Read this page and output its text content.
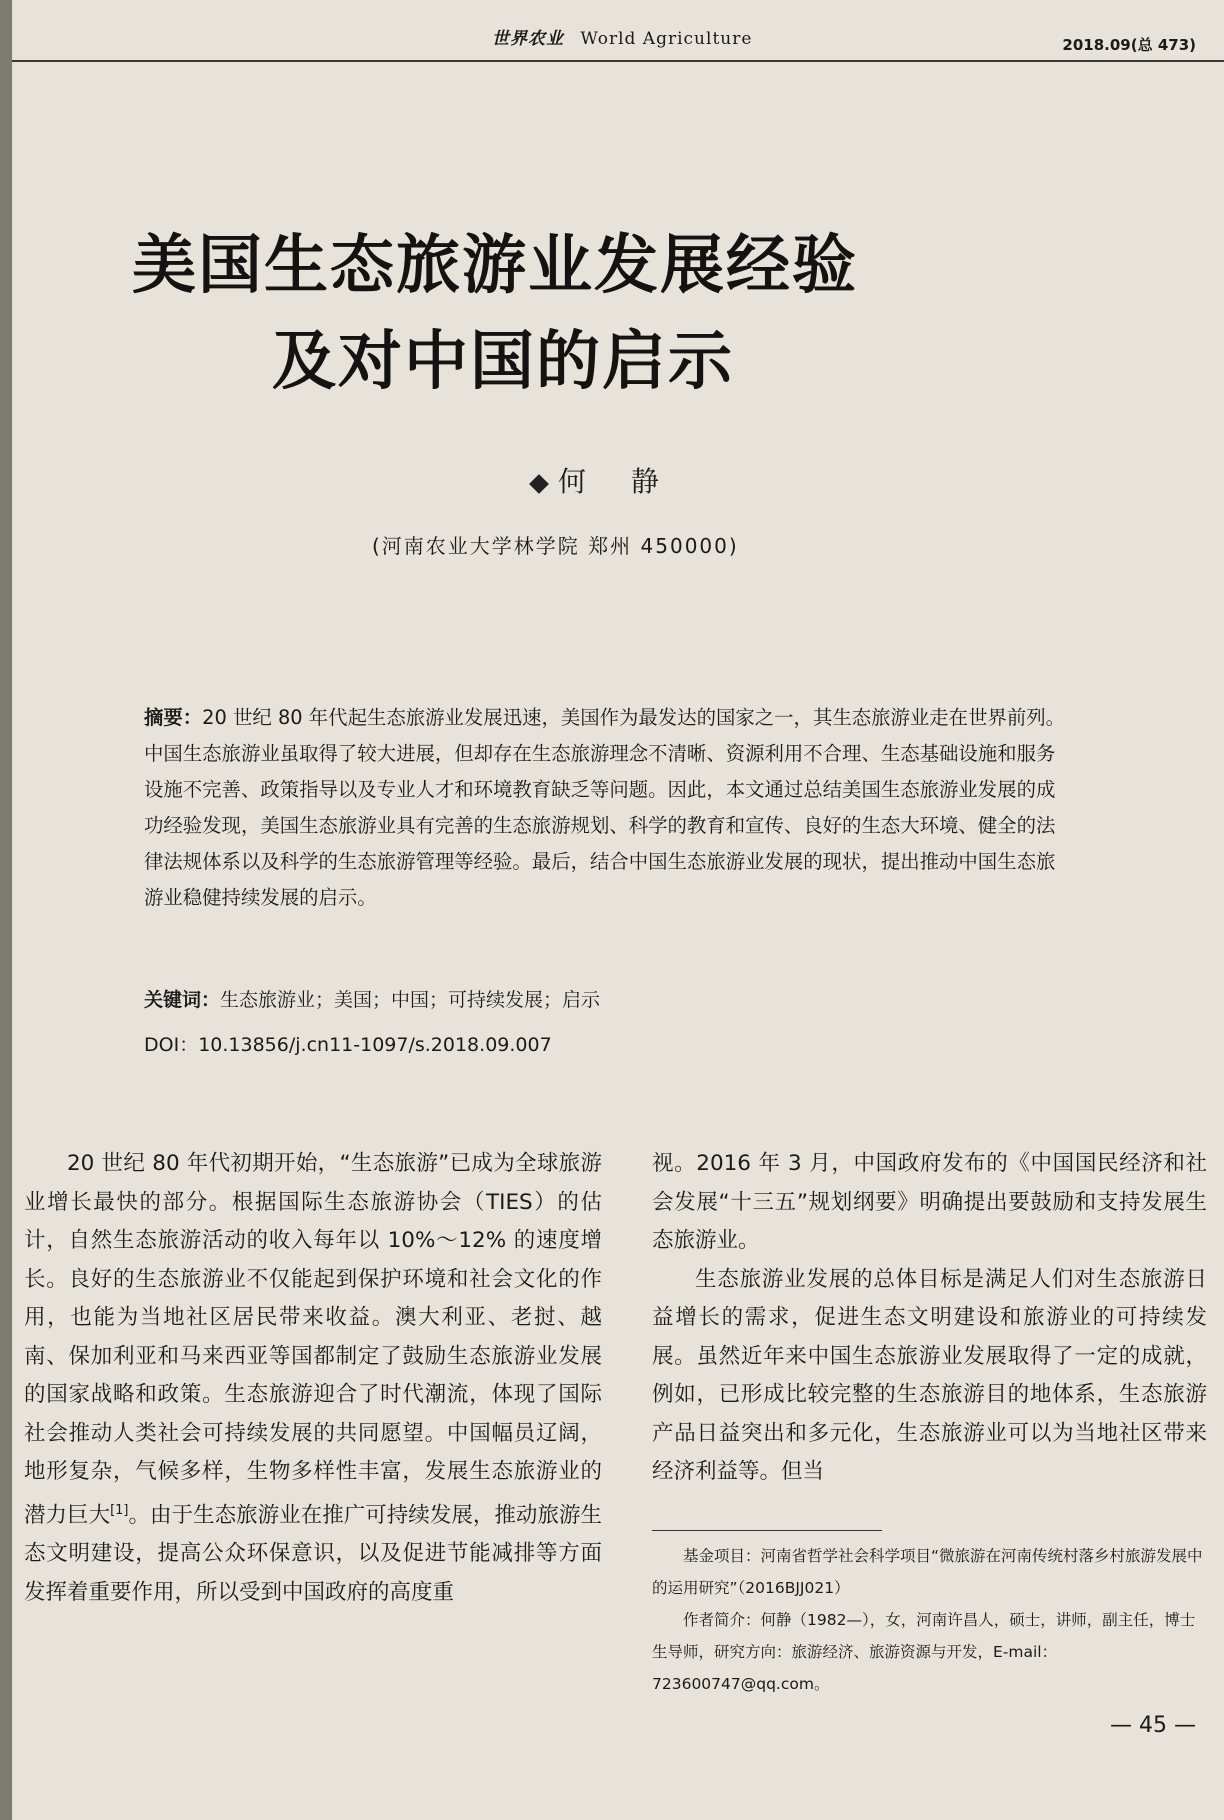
世界农业 World Agriculture	2018.09(总 473)
美国生态旅游业发展经验
及对中国的启示
何 静
(河南农业大学林学院 郑州 450000)
摘要：20 世纪 80 年代起生态旅游业发展迅速，美国作为最发达的国家之一，其生态旅游业走在世界前列。中国生态旅游业虽取得了较大进展，但却存在生态旅游理念不清晰、资源利用不合理、生态基础设施和服务设施不完善、政策指导以及专业人才和环境教育缺乏等问题。因此，本文通过总结美国生态旅游业发展的成功经验发现，美国生态旅游业具有完善的生态旅游规划、科学的教育和宣传、良好的生态大环境、健全的法律法规体系以及科学的生态旅游管理等经验。最后，结合中国生态旅游业发展的现状，提出推动中国生态旅游业稳健持续发展的启示。
关键词：生态旅游业；美国；中国；可持续发展；启示
DOI：10.13856/j.cn11-1097/s.2018.09.007

20 世纪 80 年代初期开始，“生态旅游”已成为全球旅游业增长最快的部分。根据国际生态旅游协会（TIES）的估计，自然生态旅游活动的收入每年以 10%～12% 的速度增长。良好的生态旅游业不仅能起到保护环境和社会文化的作用，也能为当地社区居民带来收益。澳大利亚、老挝、越南、保加利亚和马来西亚等国都制定了鼓励生态旅游业发展的国家战略和政策。生态旅游迎合了时代潮流，体现了国际社会推动人类社会可持续发展的共同愿望。中国幅员辽阔，地形复杂，气候多样，生物多样性丰富，发展生态旅游业的潜力巨大[1]。由于生态旅游业在推广可持续发展，推动旅游生态文明建设，提高公众环保意识，以及促进节能减排等方面发挥着重要作用，所以受到中国政府的高度重

视。2016 年 3 月，中国政府发布的《中国国民经济和社会发展“十三五”规划纲要》明确提出要鼓励和支持发展生态旅游业。

生态旅游业发展的总体目标是满足人们对生态旅游日益增长的需求，促进生态文明建设和旅游业的可持续发展。虽然近年来中国生态旅游业发展取得了一定的成就，例如，已形成比较完整的生态旅游目的地体系，生态旅游产品日益突出和多元化，生态旅游业可以为当地社区带来经济利益等。但当

基金项目：河南省哲学社会科学项目“微旅游在河南传统村落乡村旅游发展中的运用研究”（2016BJJ021）

作者简介：何静（1982—），女，河南许昌人，硕士，讲师，副主任，博士生导师，研究方向：旅游经济、旅游资源与开发，E-mail：723600747@qq.com。

— 45 —
